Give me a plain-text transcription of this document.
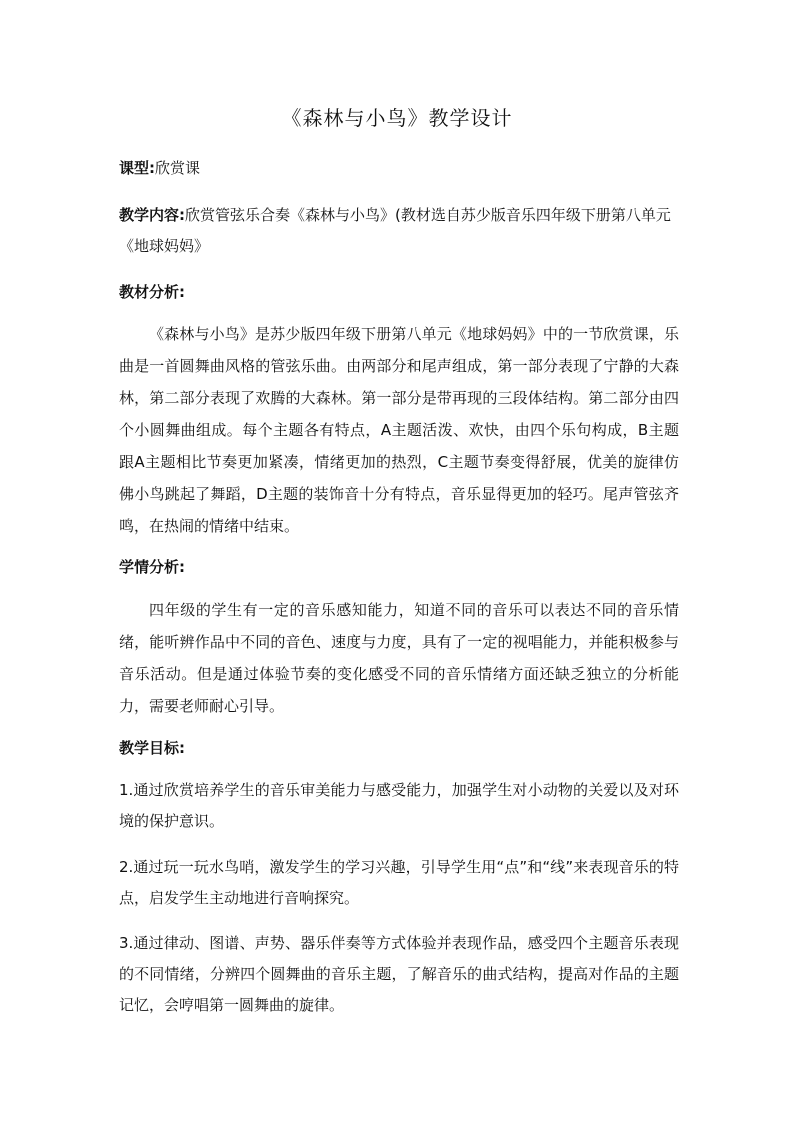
《森林与小鸟》教学设计
课型:欣赏课
教学内容:欣赏管弦乐合奏《森林与小鸟》(教材选自苏少版音乐四年级下册第八单元《地球妈妈》
教材分析:
《森林与小鸟》是苏少版四年级下册第八单元《地球妈妈》中的一节欣赏课，乐曲是一首圆舞曲风格的管弦乐曲。由两部分和尾声组成，第一部分表现了宁静的大森林，第二部分表现了欢腾的大森林。第一部分是带再现的三段体结构。第二部分由四个小圆舞曲组成。每个主题各有特点，A主题活泼、欢快，由四个乐句构成，B主题跟A主题相比节奏更加紧凑，情绪更加的热烈，C主题节奏变得舒展，优美的旋律仿佛小鸟跳起了舞蹈，D主题的装饰音十分有特点，音乐显得更加的轻巧。尾声管弦齐鸣，在热闹的情绪中结束。
学情分析:
四年级的学生有一定的音乐感知能力，知道不同的音乐可以表达不同的音乐情绪，能听辨作品中不同的音色、速度与力度，具有了一定的视唱能力，并能积极参与音乐活动。但是通过体验节奏的变化感受不同的音乐情绪方面还缺乏独立的分析能力，需要老师耐心引导。
教学目标:
1.通过欣赏培养学生的音乐审美能力与感受能力，加强学生对小动物的关爱以及对环境的保护意识。
2.通过玩一玩水鸟哨，激发学生的学习兴趣，引导学生用“点”和“线”来表现音乐的特点，启发学生主动地进行音响探究。
3.通过律动、图谱、声势、器乐伴奏等方式体验并表现作品，感受四个主题音乐表现的不同情绪，分辨四个圆舞曲的音乐主题，了解音乐的曲式结构，提高对作品的主题记忆，会哼唱第一圆舞曲的旋律。
